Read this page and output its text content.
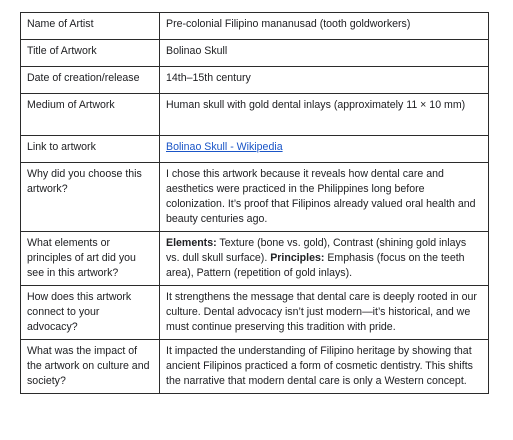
Name of Artist	Pre-colonial Filipino mananusad (tooth goldworkers)
Title of Artwork	Bolinao Skull
Date of creation/release	14th–15th century
Medium of Artwork	Human skull with gold dental inlays (approximately 11 × 10 mm)
Link to artwork	Bolinao Skull - Wikipedia
Why did you choose this artwork?	I chose this artwork because it reveals how dental care and aesthetics were practiced in the Philippines long before colonization. It’s proof that Filipinos already valued oral health and beauty centuries ago.
What elements or principles of art did you see in this artwork?	Elements: Texture (bone vs. gold), Contrast (shining gold inlays vs. dull skull surface). Principles: Emphasis (focus on the teeth area), Pattern (repetition of gold inlays).
How does this artwork connect to your advocacy?	It strengthens the message that dental care is deeply rooted in our culture. Dental advocacy isn’t just modern—it’s historical, and we must continue preserving this tradition with pride.
What was the impact of the artwork on culture and society?	It impacted the understanding of Filipino heritage by showing that ancient Filipinos practiced a form of cosmetic dentistry. This shifts the narrative that modern dental care is only a Western concept.
